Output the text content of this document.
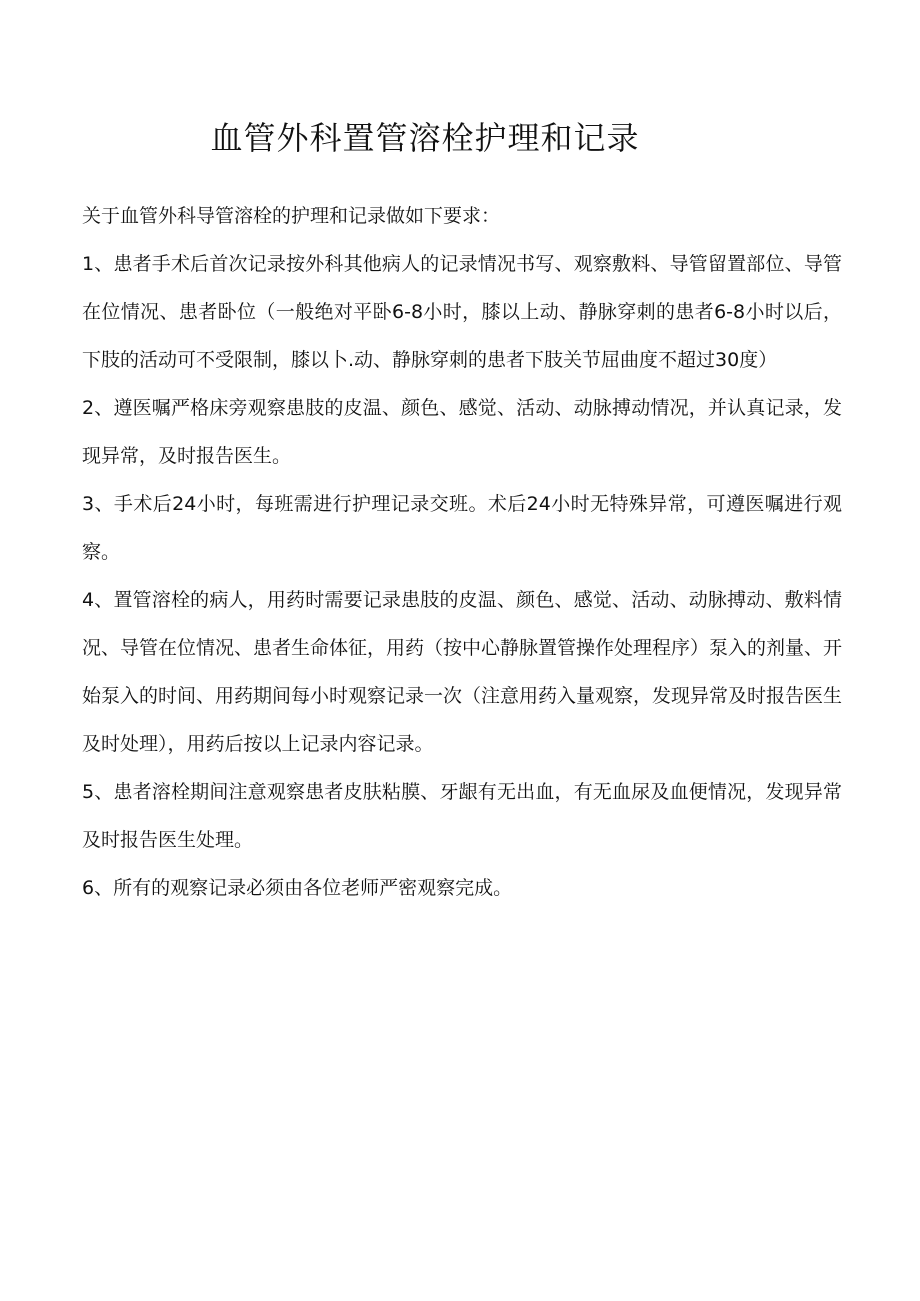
血管外科置管溶栓护理和记录

关于血管外科导管溶栓的护理和记录做如下要求：

1、患者手术后首次记录按外科其他病人的记录情况书写、观察敷料、导管留置部位、导管在位情况、患者卧位（一般绝对平卧6-8小时，膝以上动、静脉穿刺的患者6-8小时以后，下肢的活动可不受限制，膝以卜.动、静脉穿刺的患者下肢关节屈曲度不超过30度）

2、遵医嘱严格床旁观察患肢的皮温、颜色、感觉、活动、动脉搏动情况，并认真记录，发现异常，及时报告医生。

3、手术后24小时，每班需进行护理记录交班。术后24小时无特殊异常，可遵医嘱进行观察。

4、置管溶栓的病人，用药时需要记录患肢的皮温、颜色、感觉、活动、动脉搏动、敷料情况、导管在位情况、患者生命体征，用药（按中心静脉置管操作处理程序）泵入的剂量、开始泵入的时间、用药期间每小时观察记录一次（注意用药入量观察，发现异常及时报告医生及时处理），用药后按以上记录内容记录。

5、患者溶栓期间注意观察患者皮肤粘膜、牙龈有无出血，有无血尿及血便情况，发现异常及时报告医生处理。

6、所有的观察记录必须由各位老师严密观察完成。
